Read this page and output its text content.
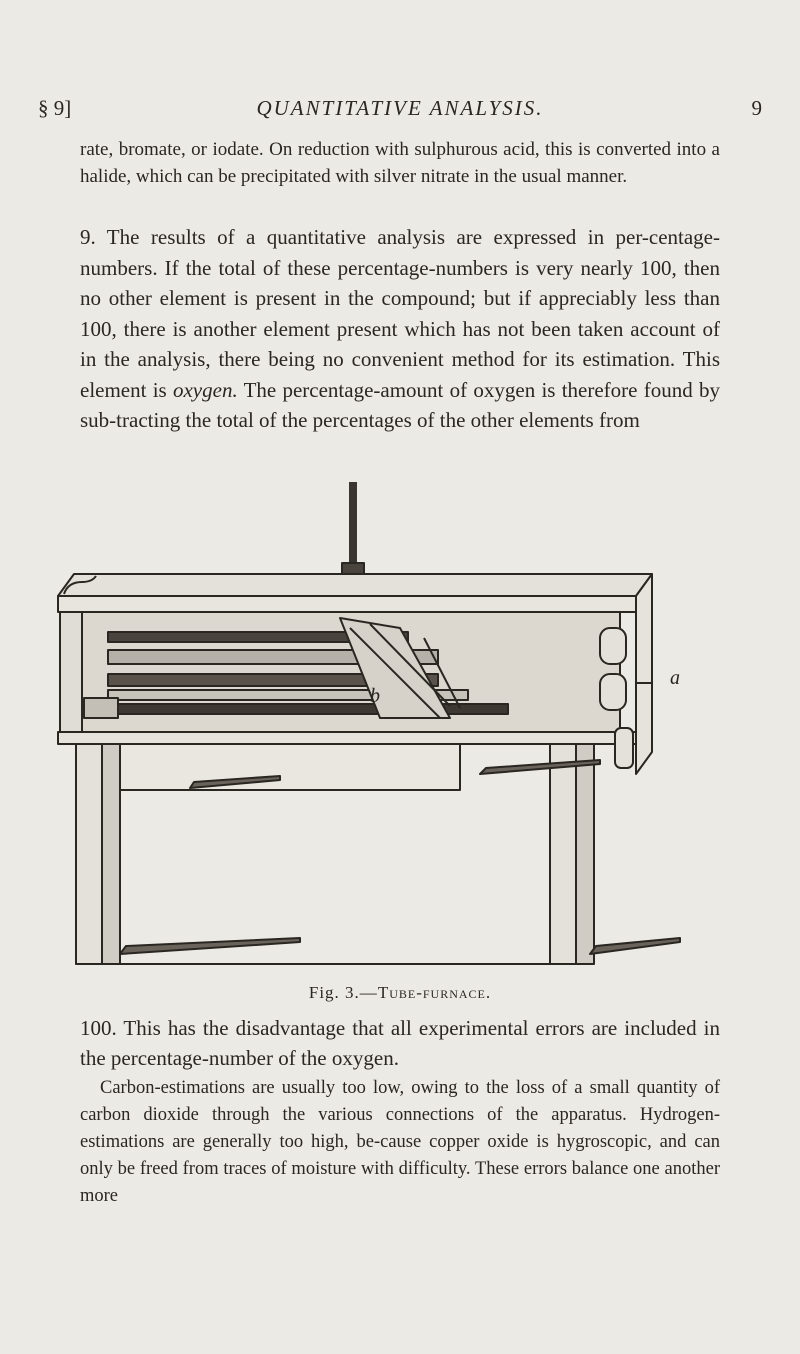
§ 9]	QUANTITATIVE ANALYSIS.	9
rate, bromate, or iodate. On reduction with sulphurous acid, this is converted into a halide, which can be precipitated with silver nitrate in the usual manner.
9. The results of a quantitative analysis are expressed in per-centage-numbers. If the total of these percentage-numbers is very nearly 100, then no other element is present in the compound; but if appreciably less than 100, there is another element present which has not been taken account of in the analysis, there being no convenient method for its estimation. This element is oxygen. The percentage-amount of oxygen is therefore found by sub-tracting the total of the percentages of the other elements from
a
b
Fig. 3.—Tube-furnace.
100. This has the disadvantage that all experimental errors are included in the percentage-number of the oxygen.
Carbon-estimations are usually too low, owing to the loss of a small quantity of carbon dioxide through the various connections of the apparatus. Hydrogen-estimations are generally too high, be-cause copper oxide is hygroscopic, and can only be freed from traces of moisture with difficulty. These errors balance one another more
